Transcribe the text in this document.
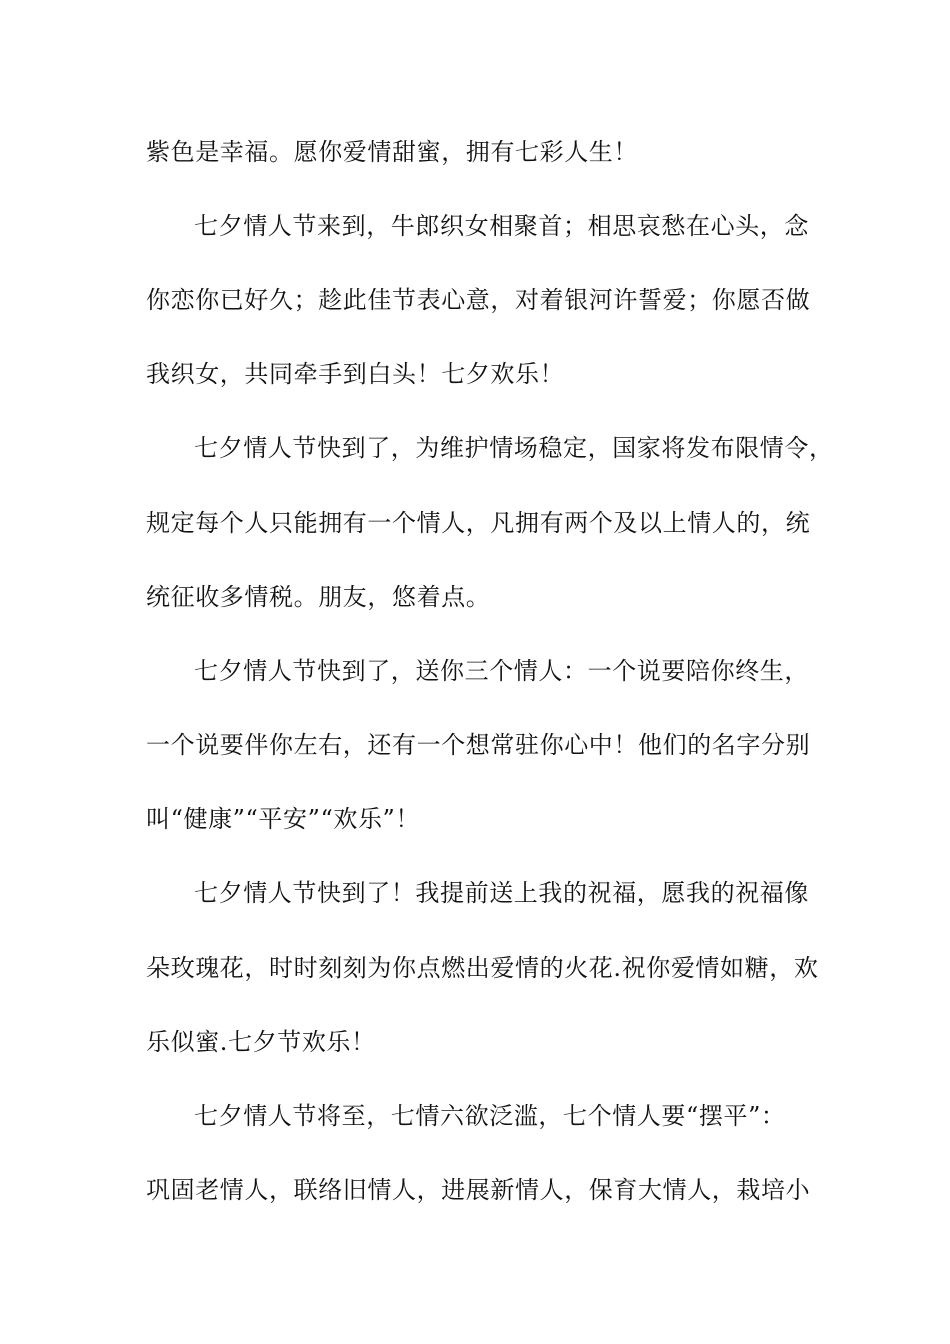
紫色是幸福。愿你爱情甜蜜，拥有七彩人生！
七夕情人节来到，牛郎织女相聚首；相思哀愁在心头，念
你恋你已好久；趁此佳节表心意，对着银河许誓爱；你愿否做
我织女，共同牵手到白头！七夕欢乐！
七夕情人节快到了，为维护情场稳定，国家将发布限情令，
规定每个人只能拥有一个情人，凡拥有两个及以上情人的，统
统征收多情税。朋友，悠着点。
七夕情人节快到了，送你三个情人：一个说要陪你终生，
一个说要伴你左右，还有一个想常驻你心中！他们的名字分别
叫“健康”“平安”“欢乐”！
七夕情人节快到了！我提前送上我的祝福，愿我的祝福像
朵玫瑰花，时时刻刻为你点燃出爱情的火花.祝你爱情如糖，欢
乐似蜜.七夕节欢乐！
七夕情人节将至，七情六欲泛滥，七个情人要“摆平”：
巩固老情人，联络旧情人，进展新情人，保育大情人，栽培小
